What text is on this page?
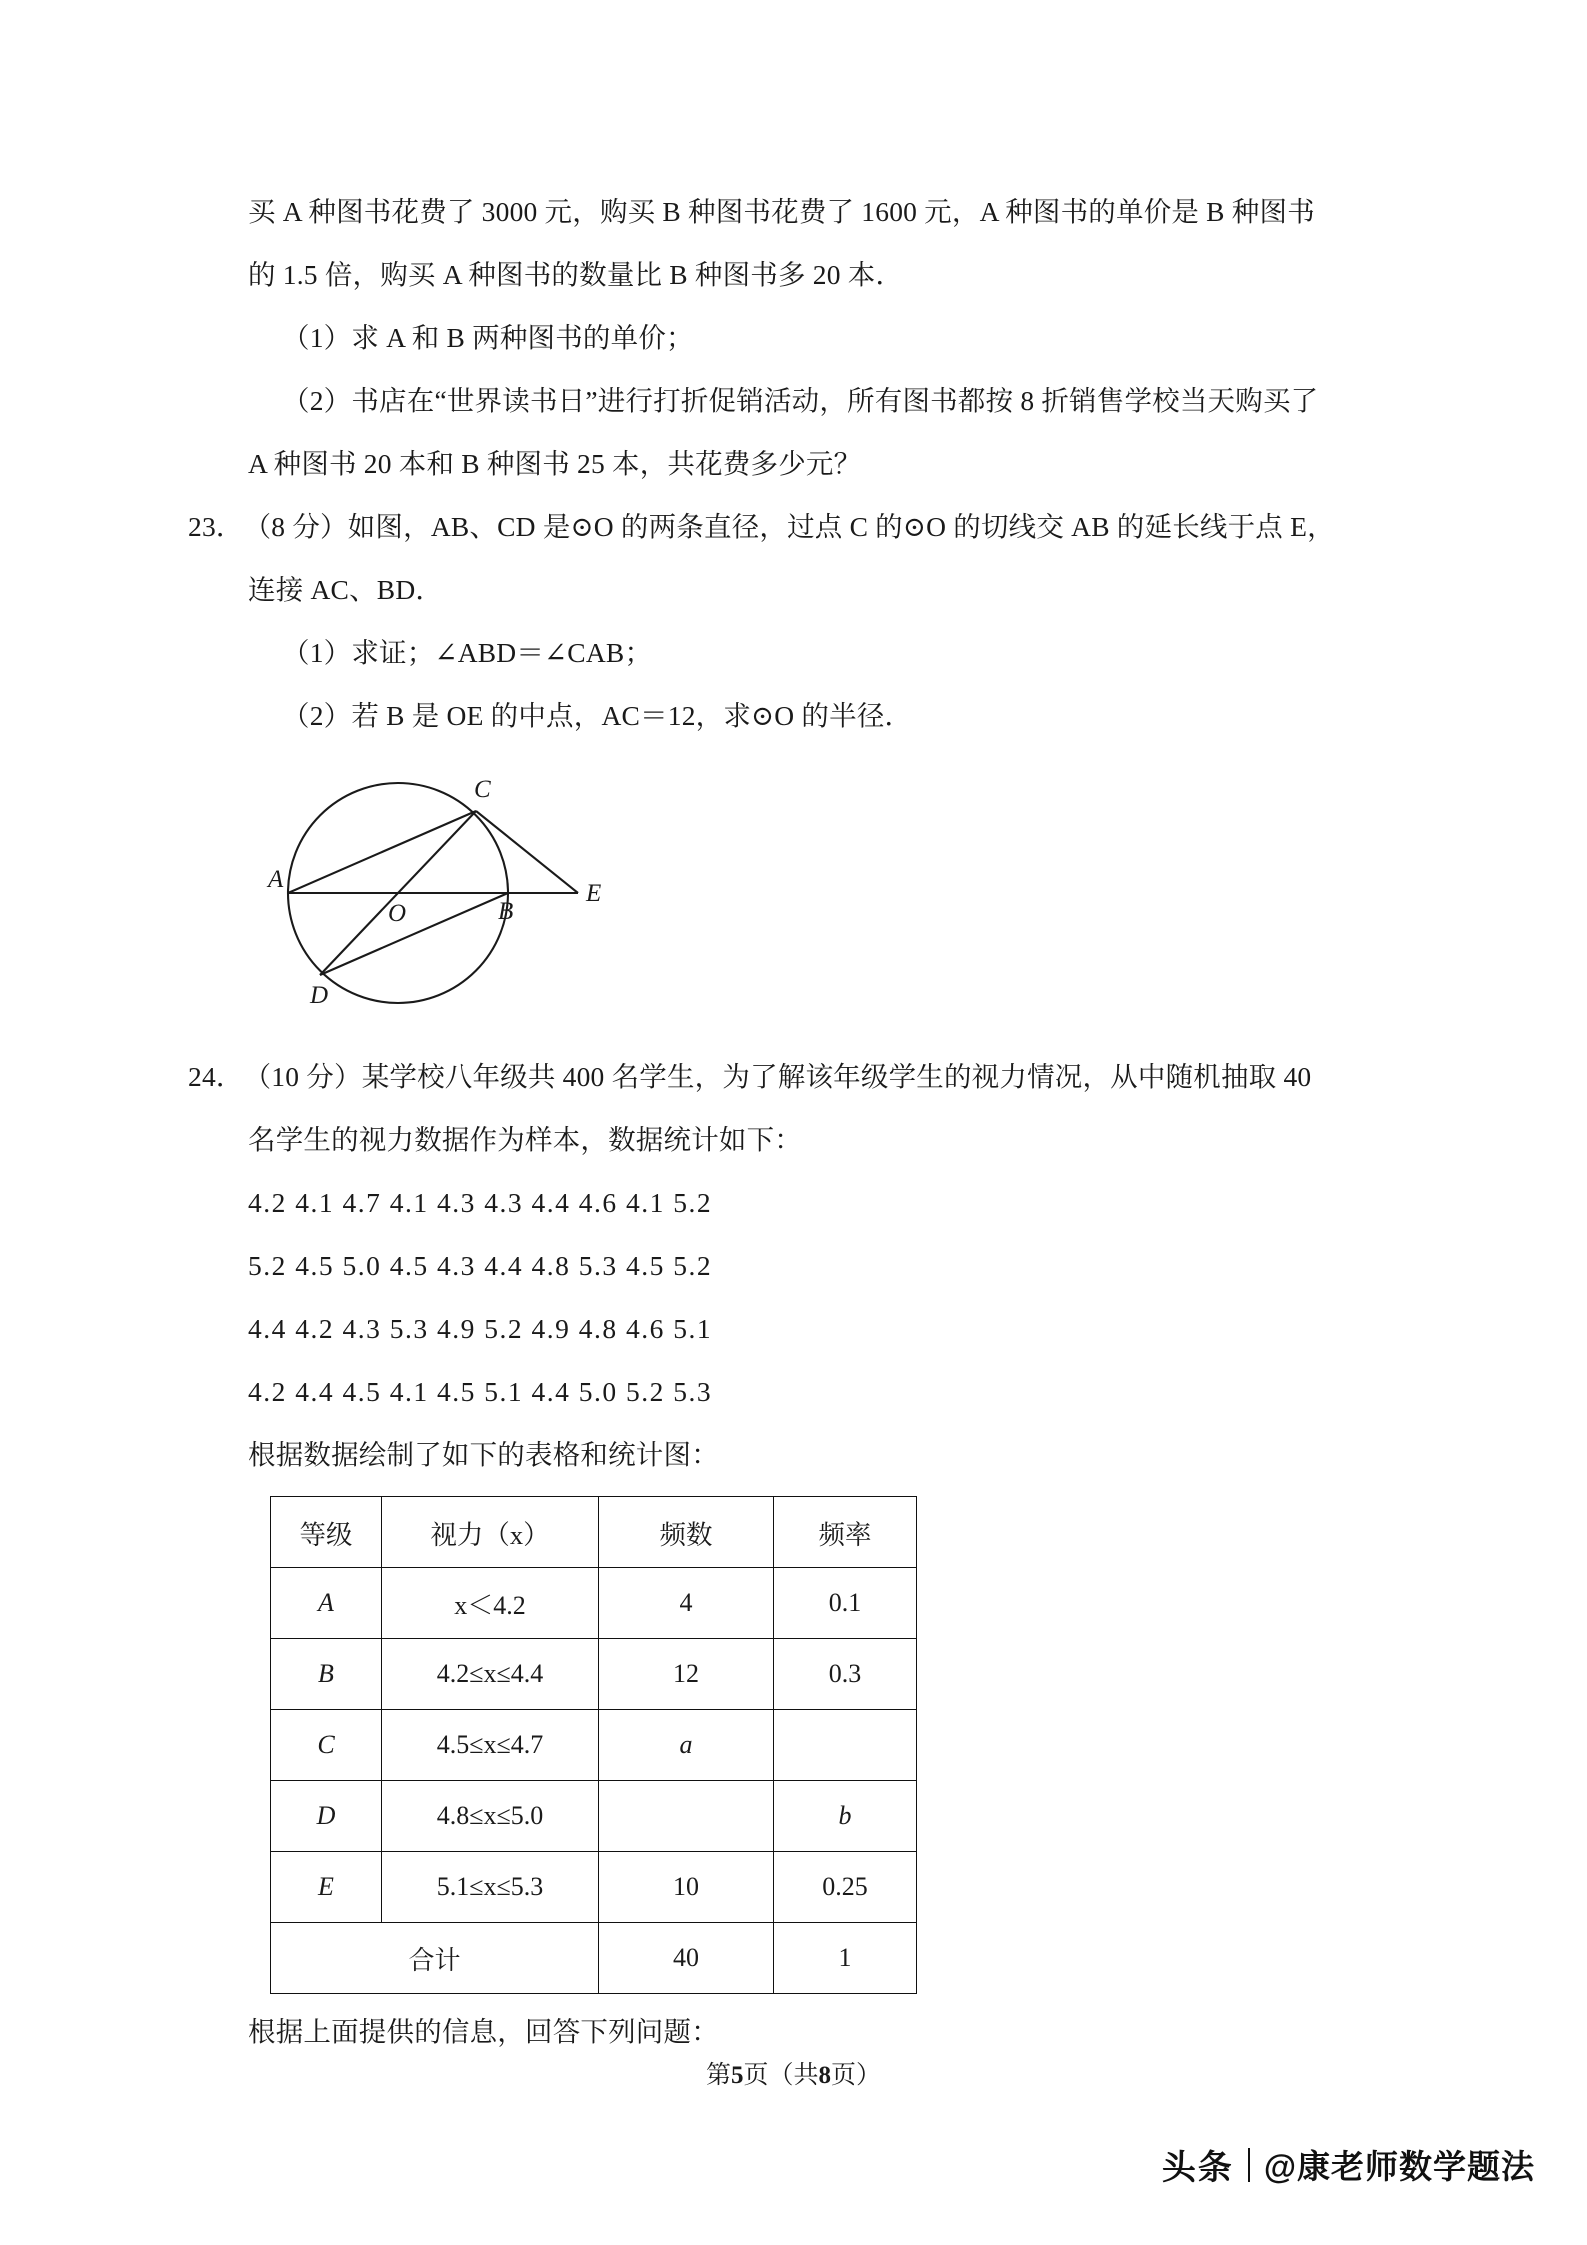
买 A 种图书花费了 3000 元，购买 B 种图书花费了 1600 元，A 种图书的单价是 B 种图书
的 1.5 倍，购买 A 种图书的数量比 B 种图书多 20 本．
（1）求 A 和 B 两种图书的单价；
（2）书店在“世界读书日”进行打折促销活动，所有图书都按 8 折销售学校当天购买了
A 种图书 20 本和 B 种图书 25 本，共花费多少元？
23．（8 分）如图，AB、CD 是⊙O 的两条直径，过点 C 的⊙O 的切线交 AB 的延长线于点 E，
连接 AC、BD．
（1）求证；∠ABD＝∠CAB；
（2）若 B 是 OE 的中点，AC＝12，求⊙O 的半径．
A
B
C
D
E
O
24．（10 分）某学校八年级共 400 名学生，为了解该年级学生的视力情况，从中随机抽取 40
名学生的视力数据作为样本，数据统计如下：
4.2 4.1 4.7 4.1 4.3 4.3 4.4 4.6 4.1 5.2
5.2 4.5 5.0 4.5 4.3 4.4 4.8 5.3 4.5 5.2
4.4 4.2 4.3 5.3 4.9 5.2 4.9 4.8 4.6 5.1
4.2 4.4 4.5 4.1 4.5 5.1 4.4 5.0 5.2 5.3
根据数据绘制了如下的表格和统计图：
等级	视力（x）	频数	频率
A	x＜4.2	4	0.1
B	4.2≤x≤4.4	12	0.3
C	4.5≤x≤4.7	a	
D	4.8≤x≤5.0		b
E	5.1≤x≤5.3	10	0.25
合计		40	1
根据上面提供的信息，回答下列问题：
第5页（共8页）
头条 @康老师数学题法
